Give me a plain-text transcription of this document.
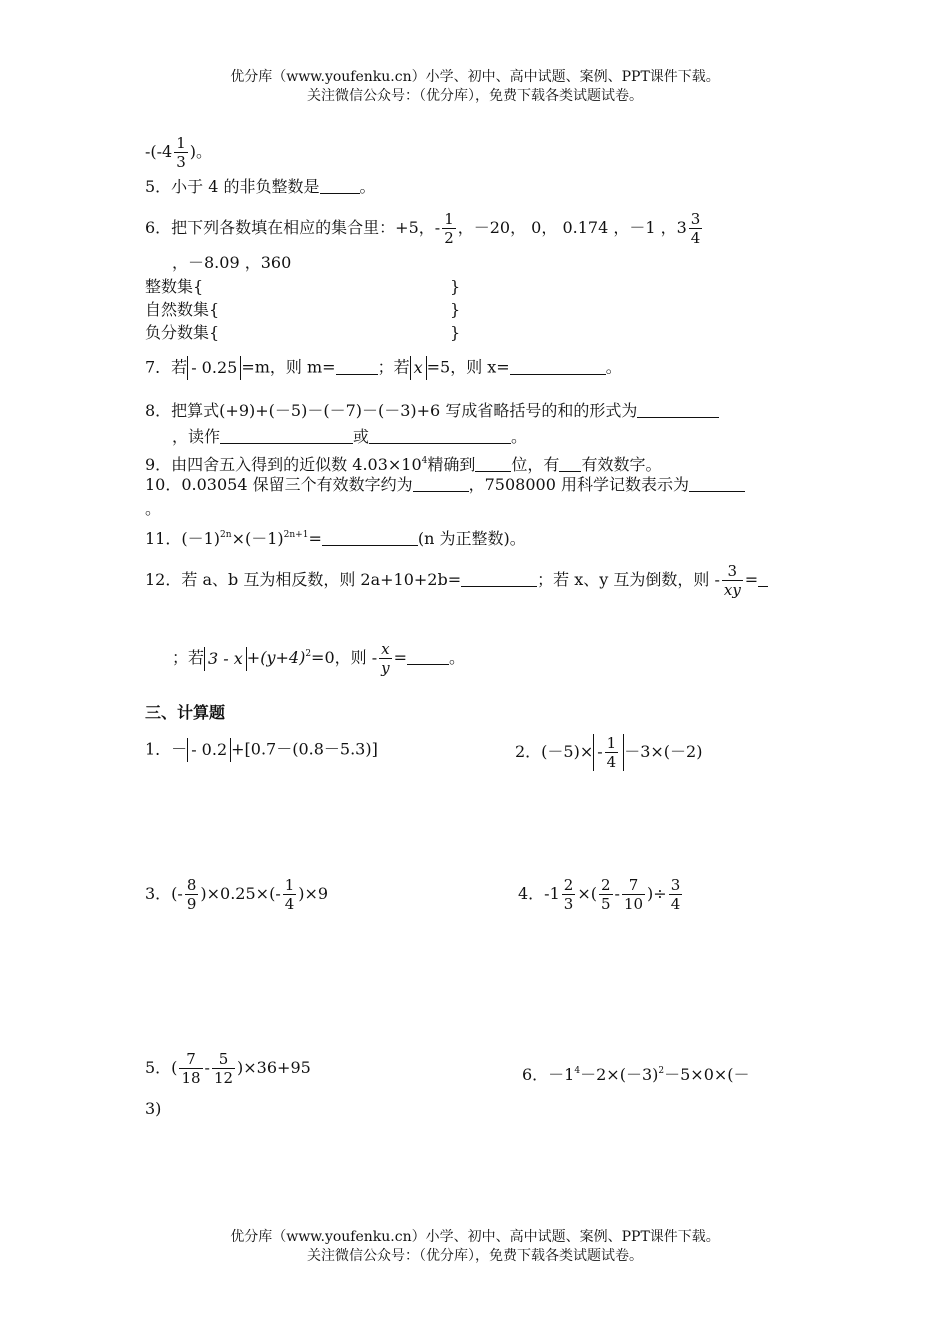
优分库（www.youfenku.cn）小学、初中、高中试题、案例、PPT课件下载。
关注微信公众号：（优分库），免费下载各类试题试卷。
$-(-4 \frac{1}{3}$ )。
5．小于 4 的非负整数是	。
6．把下列各数填在相应的集合里：+5，- $\frac{1}{2}$ ，－20， 0， 0.174 ，－1 ，$3 \frac{3}{4}$
，－8.09 ，360
整数集{	}
自然数集{	}
负分数集{	}
7．若 - 0.25 =m，则 m=	；若 x =5，则 x=	。
8．把算式(+9)+(－5)－(－7)－(－3)+6 写成省略括号的和的形式为
，读作	或	。
9．由四舍五入得到的近似数 $4.03\times 10^4$精确到 位，有 有效数字。
10．0.03054 保留三个有效数字约为	，7508000 用科学记数表示为
。
11．$(-1)^{2n}\times(-1)^{2n+1}=$	(n 为正整数)。
12．若 a、b 互为相反数，则 2a+10+2b=	；若 x、y 互为倒数，则 - $\frac{3}{xy}$ =
；若 $3 - x +(y+4)^2=0$，则 - $\frac{x}{y}$ =	。
三、计算题
1．－ - 0.2 +[0.7－(0.8－5.3)]	2．$(-5)\times - \frac{1}{4} -3\times(-2)$
3．(- $\frac{8}{9} )\times 0.25\times(- \frac{1}{4} )\times 9$	4．$-1 \frac{2}{3}$ ×( $\frac{2}{5} - \frac{7}{10}$ )÷ $\frac{3}{4}$
5．( $\frac{7}{18} - \frac{5}{12} )\times 36+95$	6．$-1^4-2\times(-3)^2-5\times 0\times(-$
3)
优分库（www.youfenku.cn）小学、初中、高中试题、案例、PPT课件下载。
关注微信公众号：（优分库），免费下载各类试题试卷。
